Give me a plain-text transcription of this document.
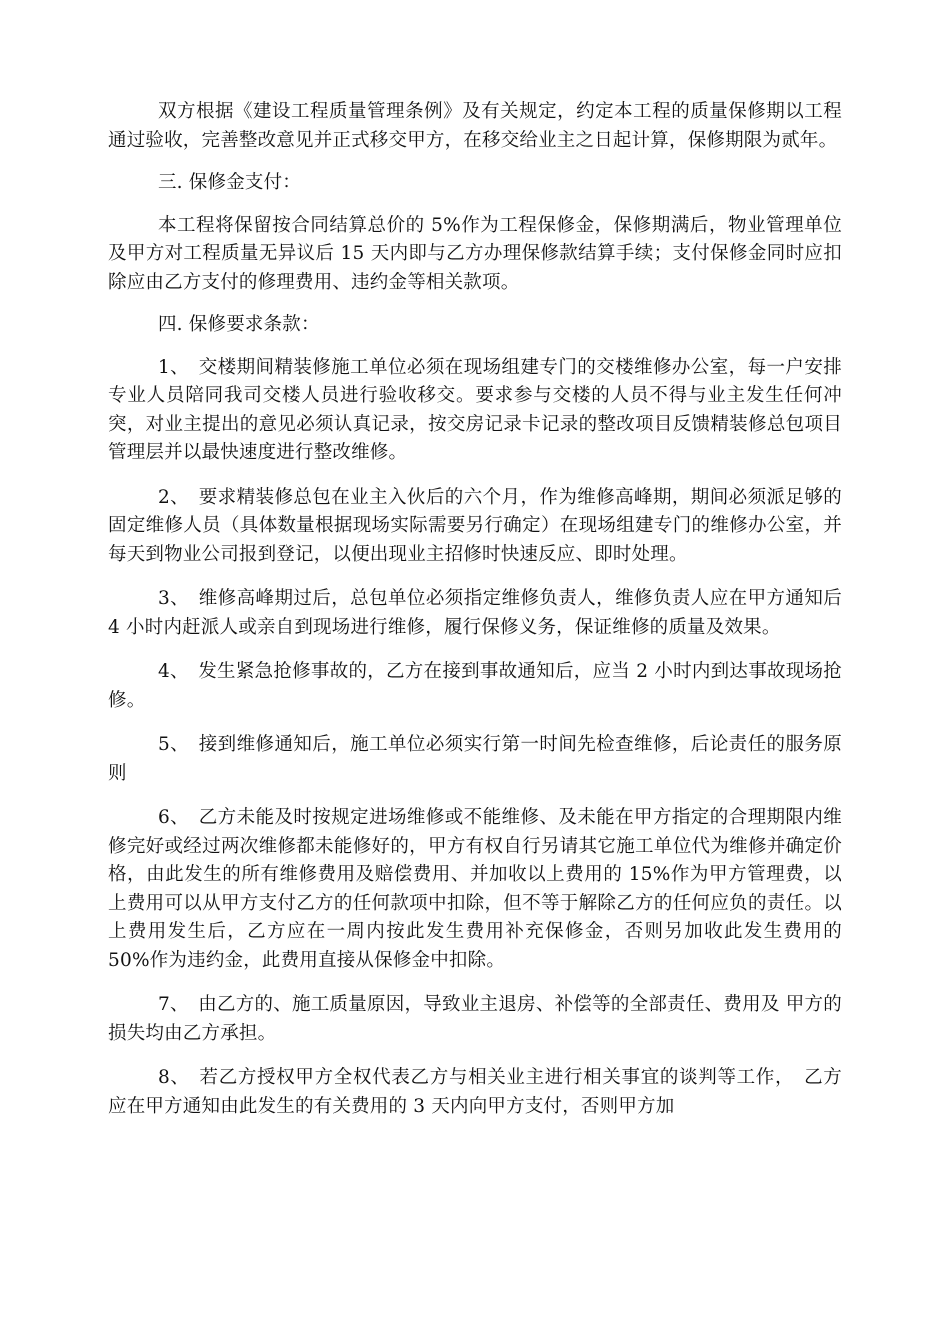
双方根据《建设工程质量管理条例》及有关规定，约定本工程的质量保修期以工程通过验收，完善整改意见并正式移交甲方，在移交给业主之日起计算，保修期限为贰年。

三. 保修金支付：

本工程将保留按合同结算总价的 5%作为工程保修金，保修期满后，物业管理单位及甲方对工程质量无异议后 15 天内即与乙方办理保修款结算手续；支付保修金同时应扣除应由乙方支付的修理费用、违约金等相关款项。

四. 保修要求条款：

1、　交楼期间精装修施工单位必须在现场组建专门的交楼维修办公室，每一户安排专业人员陪同我司交楼人员进行验收移交。要求参与交楼的人员不得与业主发生任何冲突，对业主提出的意见必须认真记录，按交房记录卡记录的整改项目反馈精装修总包项目管理层并以最快速度进行整改维修。

2、　要求精装修总包在业主入伙后的六个月，作为维修高峰期，期间必须派足够的固定维修人员（具体数量根据现场实际需要另行确定）在现场组建专门的维修办公室，并每天到物业公司报到登记，以便出现业主招修时快速反应、即时处理。

3、　维修高峰期过后，总包单位必须指定维修负责人，维修负责人应在甲方通知后 4 小时内赶派人或亲自到现场进行维修，履行保修义务，保证维修的质量及效果。

4、　发生紧急抢修事故的，乙方在接到事故通知后，应当 2 小时内到达事故现场抢修。

5、　接到维修通知后，施工单位必须实行第一时间先检查维修，后论责任的服务原则

6、　乙方未能及时按规定进场维修或不能维修、及未能在甲方指定的合理期限内维修完好或经过两次维修都未能修好的，甲方有权自行另请其它施工单位代为维修并确定价格，由此发生的所有维修费用及赔偿费用、并加收以上费用的 15%作为甲方管理费，以上费用可以从甲方支付乙方的任何款项中扣除，但不等于解除乙方的任何应负的责任。以上费用发生后，乙方应在一周内按此发生费用补充保修金，否则另加收此发生费用的 50%作为违约金，此费用直接从保修金中扣除。

7、　由乙方的、施工质量原因，导致业主退房、补偿等的全部责任、费用及 甲方的损失均由乙方承担。

8、　若乙方授权甲方全权代表乙方与相关业主进行相关事宜的谈判等工作，　乙方应在甲方通知由此发生的有关费用的 3 天内向甲方支付，否则甲方加
